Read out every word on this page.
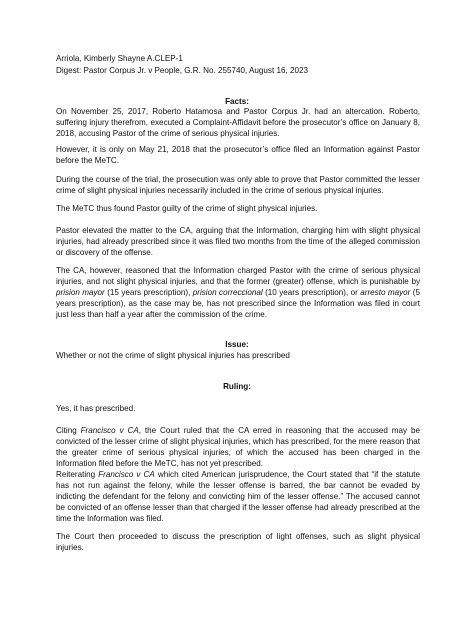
Arriola, Kimberly Shayne A.CLEP-1

Digest: Pastor Corpus Jr. v People, G.R. No. 255740, August 16, 2023

Facts:

On November 25, 2017, Roberto Hatamosa and Pastor Corpus Jr. had an altercation. Roberto, suffering injury therefrom, executed a Complaint-Affidavit before the prosecutor’s office on January 8, 2018, accusing Pastor of the crime of serious physical injuries.

However, it is only on May 21, 2018 that the prosecutor’s office filed an Information against Pastor before the MeTC.

During the course of the trial, the prosecution was only able to prove that Pastor committed the lesser crime of slight physical injuries necessarily included in the crime of serious physical injuries.

The MeTC thus found Pastor guilty of the crime of slight physical injuries.

Pastor elevated the matter to the CA, arguing that the Information, charging him with slight physical injuries, had already prescribed since it was filed two months from the time of the alleged commission or discovery of the offense.

The CA, however, reasoned that the Information charged Pastor with the crime of serious physical injuries, and not slight physical injuries, and that the former (greater) offense, which is punishable by prision mayor (15 years prescription), prision correccional (10 years prescription), or arresto mayor (5 years prescription), as the case may be, has not prescribed since the Information was filed in court just less than half a year after the commission of the crime.

Issue:

Whether or not the crime of slight physical injuries has prescribed

Ruling:

Yes, it has prescribed.

Citing Francisco v CA, the Court ruled that the CA erred in reasoning that the accused may be convicted of the lesser crime of slight physical injuries, which has prescribed, for the mere reason that the greater crime of serious physical injuries, of which the accused has been charged in the Information filed before the MeTC, has not yet prescribed.

Reiterating Francisco v CA which cited American jurisprudence, the Court stated that “if the statute has not run against the felony, while the lesser offense is barred, the bar cannot be evaded by indicting the defendant for the felony and convicting him of the lesser offense.” The accused cannot be convicted of an offense lesser than that charged if the lesser offense had already prescribed at the time the Information was filed.

The Court then proceeded to discuss the prescription of light offenses, such as slight physical injuries.
